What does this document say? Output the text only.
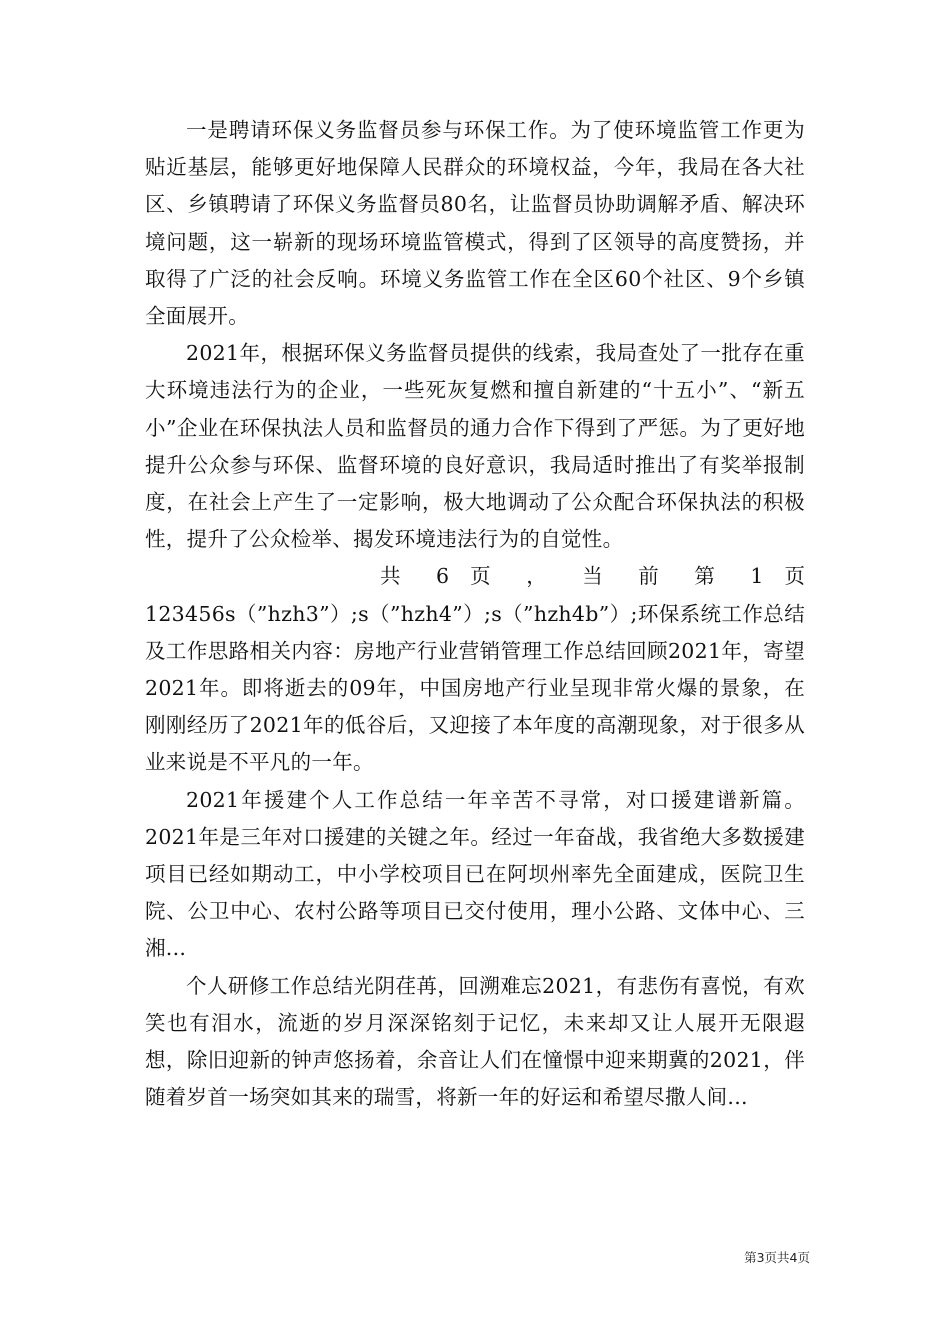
一是聘请环保义务监督员参与环保工作。为了使环境监管工作更为贴近基层，能够更好地保障人民群众的环境权益，今年，我局在各大社区、乡镇聘请了环保义务监督员80名，让监督员协助调解矛盾、解决环境问题，这一崭新的现场环境监管模式，得到了区领导的高度赞扬，并取得了广泛的社会反响。环境义务监管工作在全区60个社区、9个乡镇全面展开。

2021年，根据环保义务监督员提供的线索，我局查处了一批存在重大环境违法行为的企业，一些死灰复燃和擅自新建的“十五小”、“新五小”企业在环保执法人员和监督员的通力合作下得到了严惩。为了更好地提升公众参与环保、监督环境的良好意识，我局适时推出了有奖举报制度，在社会上产生了一定影响，极大地调动了公众配合环保执法的积极性，提升了公众检举、揭发环境违法行为的自觉性。

共 6 页 ， 当 前 第 1 页

123456s（”hzh3”）;s（”hzh4”）;s（”hzh4b”）;环保系统工作总结及工作思路相关内容：房地产行业营销管理工作总结回顾2021年，寄望2021年。即将逝去的09年，中国房地产行业呈现非常火爆的景象，在刚刚经历了2021年的低谷后，又迎接了本年度的高潮现象，对于很多从业来说是不平凡的一年。

2021年援建个人工作总结一年辛苦不寻常，对口援建谱新篇。2021年是三年对口援建的关键之年。经过一年奋战，我省绝大多数援建项目已经如期动工，中小学校项目已在阿坝州率先全面建成，医院卫生院、公卫中心、农村公路等项目已交付使用，理小公路、文体中心、三湘...

个人研修工作总结光阴荏苒，回溯难忘2021，有悲伤有喜悦，有欢笑也有泪水，流逝的岁月深深铭刻于记忆，未来却又让人展开无限遐想，除旧迎新的钟声悠扬着，余音让人们在憧憬中迎来期冀的2021，伴随着岁首一场突如其来的瑞雪，将新一年的好运和希望尽撒人间...

第3页共4页
